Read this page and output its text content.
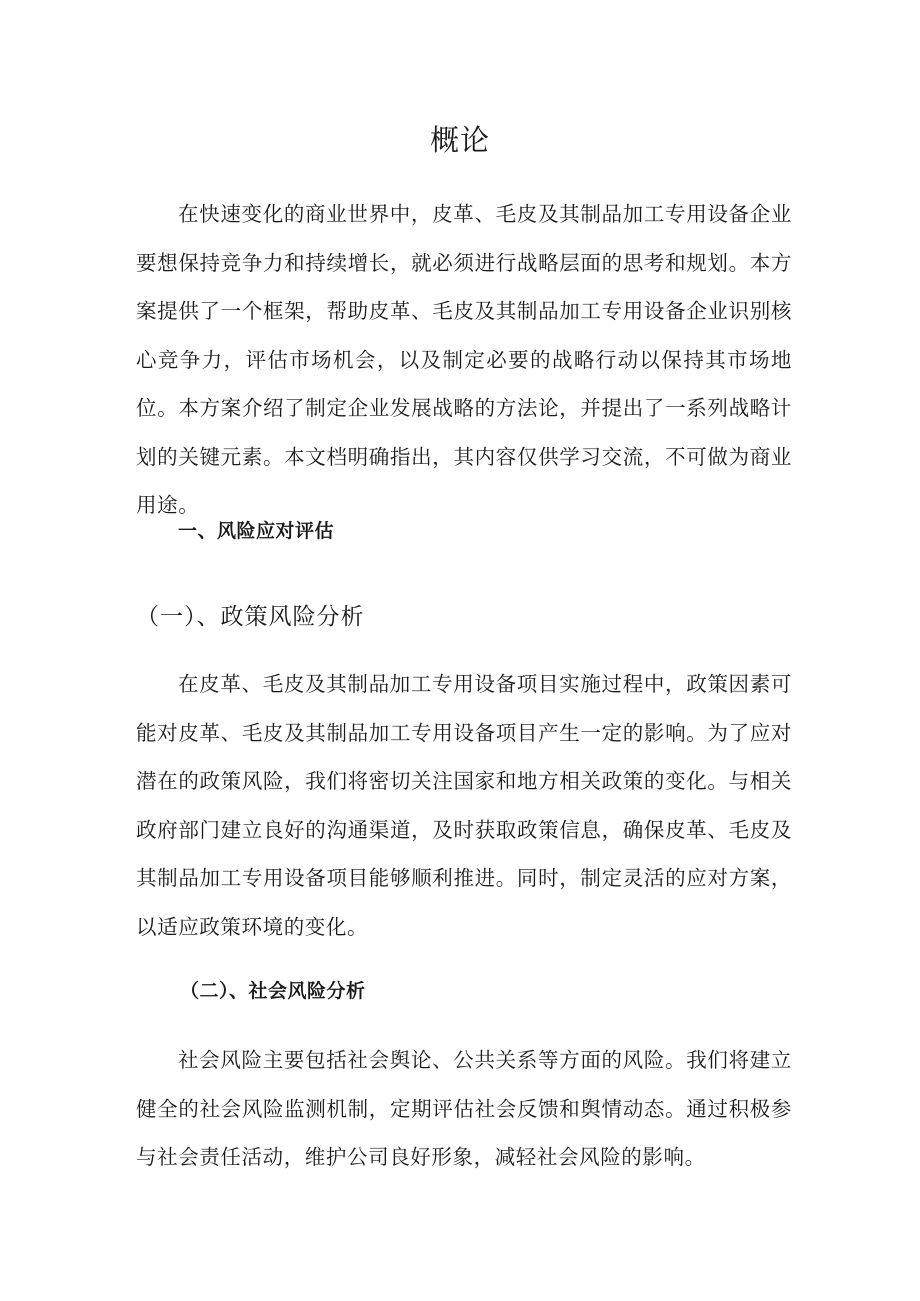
概论

在快速变化的商业世界中，皮革、毛皮及其制品加工专用设备企业要想保持竞争力和持续增长，就必须进行战略层面的思考和规划。本方案提供了一个框架，帮助皮革、毛皮及其制品加工专用设备企业识别核心竞争力，评估市场机会，以及制定必要的战略行动以保持其市场地位。本方案介绍了制定企业发展战略的方法论，并提出了一系列战略计划的关键元素。本文档明确指出，其内容仅供学习交流，不可做为商业用途。

一、风险应对评估
（一）、政策风险分析

在皮革、毛皮及其制品加工专用设备项目实施过程中，政策因素可能对皮革、毛皮及其制品加工专用设备项目产生一定的影响。为了应对潜在的政策风险，我们将密切关注国家和地方相关政策的变化。与相关政府部门建立良好的沟通渠道，及时获取政策信息，确保皮革、毛皮及其制品加工专用设备项目能够顺利推进。同时，制定灵活的应对方案，以适应政策环境的变化。

（二）、社会风险分析

社会风险主要包括社会舆论、公共关系等方面的风险。我们将建立健全的社会风险监测机制，定期评估社会反馈和舆情动态。通过积极参与社会责任活动，维护公司良好形象，减轻社会风险的影响。
